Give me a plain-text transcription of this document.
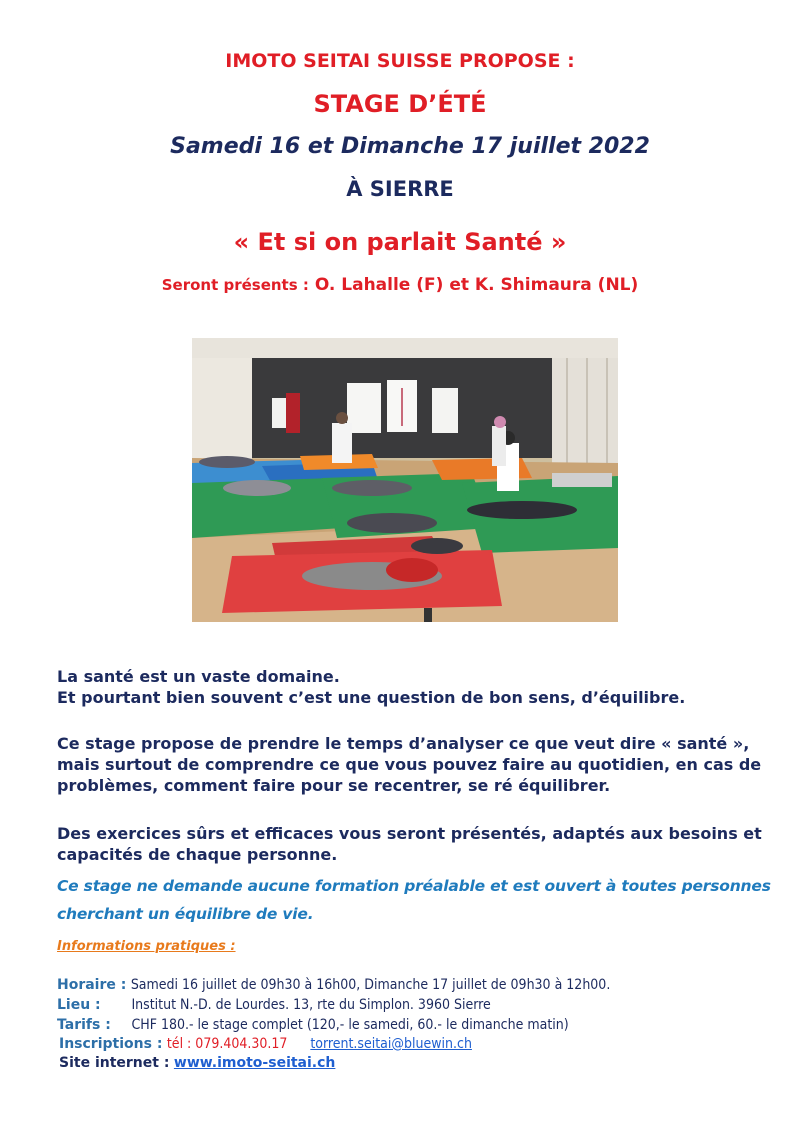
IMOTO SEITAI SUISSE PROPOSE :
STAGE D’ÉTÉ
Samedi 16 et Dimanche 17 juillet 2022
À SIERRE
« Et si on parlait Santé »
Seront présents : O. Lahalle (F) et K. Shimaura (NL)
La santé est un vaste domaine.
Et pourtant bien souvent c’est une question de bon sens, d’équilibre.
Ce stage propose de prendre le temps d’analyser ce que veut dire « santé »,
mais surtout de comprendre ce que vous pouvez faire au quotidien, en cas de
problèmes, comment faire pour se recentrer, se ré équilibrer.
Des exercices sûrs et efficaces vous seront présentés, adaptés aux besoins et
capacités de chaque personne.
Ce stage ne demande aucune formation préalable et est ouvert à toutes personnes
cherchant un équilibre de vie.
Informations pratiques :
Horaire : Samedi 16 juillet de 09h30 à 16h00, Dimanche 17 juillet de 09h30 à 12h00.
Lieu : Institut N.-D. de Lourdes. 13, rte du Simplon. 3960 Sierre
Tarifs : CHF 180.- le stage complet (120,- le samedi, 60.- le dimanche matin)
Inscriptions : tél : 079.404.30.17 torrent.seitai@bluewin.ch
Site internet : www.imoto-seitai.ch
